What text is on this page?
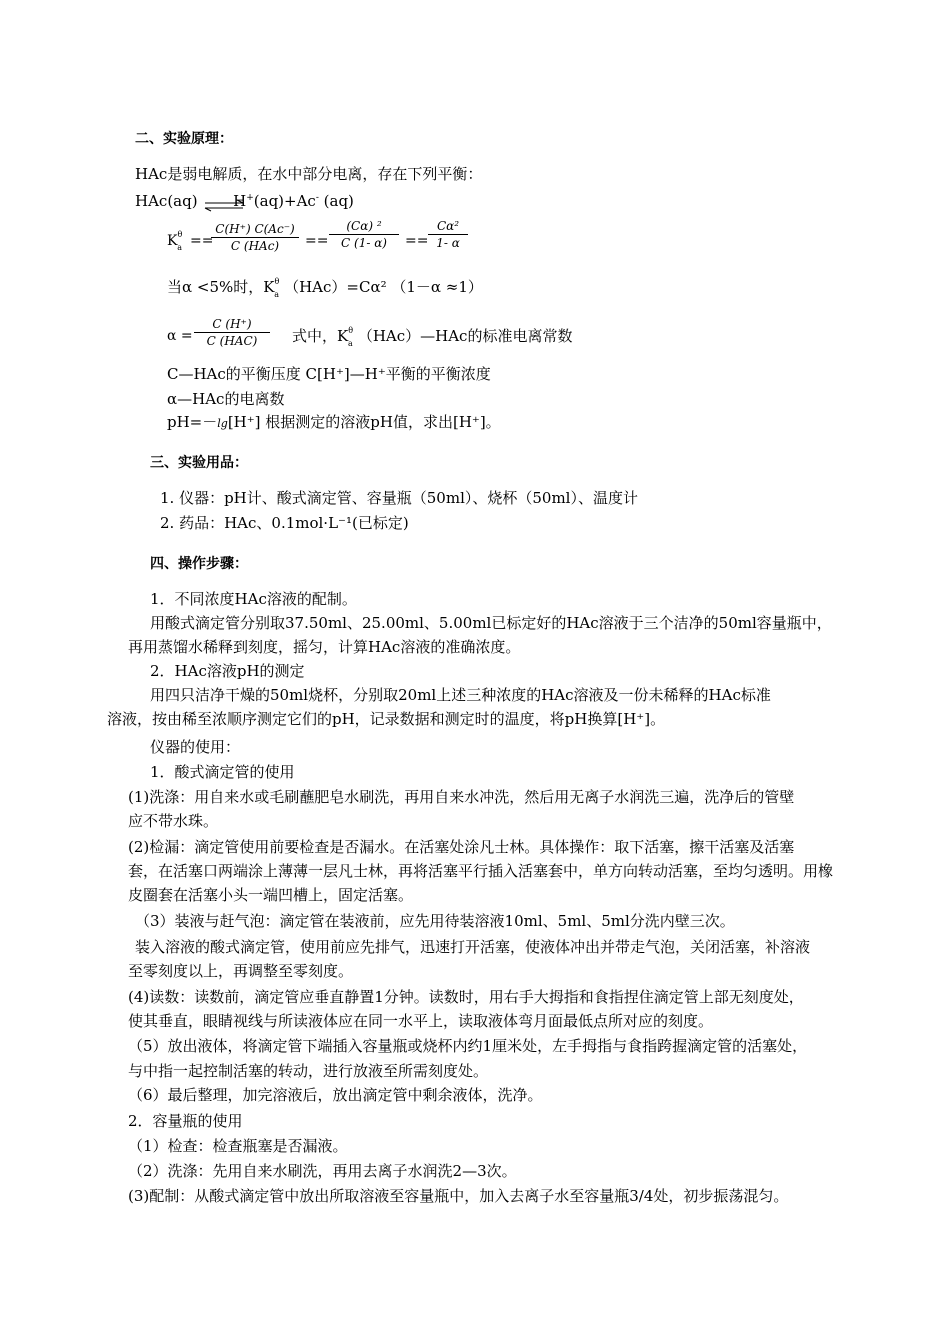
二、实验原理：
HAc是弱电解质，在水中部分电离，存在下列平衡：
HAc(aq) H+(aq)+Ac- (aq)
$K^\theta_a$ ==
C(H⁺) C(Ac⁻)
C (HAc)	==
(Cα) ²
C (1- α)	==
Cα²
1- α
当α <5%时，$K^\theta_a$ （HAc）=Cα² （1－α ≈1）
α =
C (H⁺)
C (HAC)	式中，$K^\theta_a$ （HAc）—HAc的标准电离常数
C—HAc的平衡压度 C[H⁺]—H⁺平衡的平衡浓度
α—HAc的电离数
pH=－lg[H⁺] 根据测定的溶液pH值，求出[H⁺]。
三、实验用品：
1. 仪器：pH计、酸式滴定管、容量瓶（50ml）、烧杯（50ml）、温度计
2. 药品：HAc、0.1mol·L⁻¹(已标定)
四、操作步骤：
1．不同浓度HAc溶液的配制。
用酸式滴定管分别取37.50ml、25.00ml、5.00ml已标定好的HAc溶液于三个洁净的50ml容量瓶中，
再用蒸馏水稀释到刻度，摇匀，计算HAc溶液的准确浓度。
2．HAc溶液pH的测定
用四只洁净干燥的50ml烧杯，分别取20ml上述三种浓度的HAc溶液及一份未稀释的HAc标准
溶液，按由稀至浓顺序测定它们的pH，记录数据和测定时的温度，将pH换算[H⁺]。
仪器的使用：
1．酸式滴定管的使用
(1)洗涤：用自来水或毛刷蘸肥皂水刷洗，再用自来水冲洗，然后用无离子水润洗三遍，洗净后的管壁
应不带水珠。
(2)检漏：滴定管使用前要检查是否漏水。在活塞处涂凡士林。具体操作：取下活塞，擦干活塞及活塞
套，在活塞口两端涂上薄薄一层凡士林，再将活塞平行插入活塞套中，单方向转动活塞，至均匀透明。用橡
皮圈套在活塞小头一端凹槽上，固定活塞。
（3）装液与赶气泡：滴定管在装液前，应先用待装溶液10ml、5ml、5ml分洗内壁三次。
装入溶液的酸式滴定管，使用前应先排气，迅速打开活塞，使液体冲出并带走气泡，关闭活塞，补溶液
至零刻度以上，再调整至零刻度。
(4)读数：读数前，滴定管应垂直静置1分钟。读数时，用右手大拇指和食指捏住滴定管上部无刻度处，
使其垂直，眼睛视线与所读液体应在同一水平上，读取液体弯月面最低点所对应的刻度。
（5）放出液体，将滴定管下端插入容量瓶或烧杯内约1厘米处，左手拇指与食指跨握滴定管的活塞处，
与中指一起控制活塞的转动，进行放液至所需刻度处。
（6）最后整理，加完溶液后，放出滴定管中剩余液体，洗净。
2．容量瓶的使用
（1）检查：检查瓶塞是否漏液。
（2）洗涤：先用自来水刷洗，再用去离子水润洗2—3次。
(3)配制：从酸式滴定管中放出所取溶液至容量瓶中，加入去离子水至容量瓶3/4处，初步振荡混匀。
